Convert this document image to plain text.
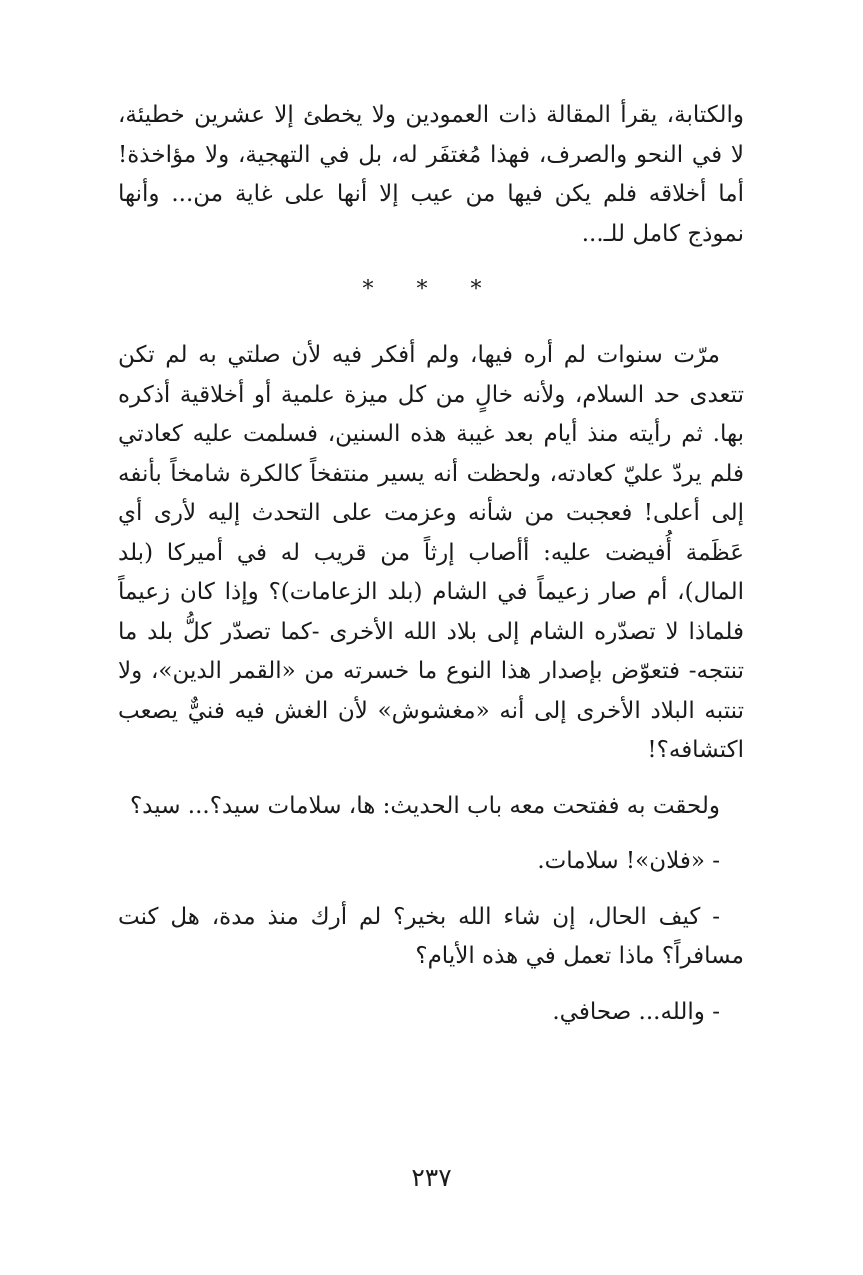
والكتابة، يقرأ المقالة ذات العمودين ولا يخطئ إلا عشرين خطيئة، لا في النحو والصرف، فهذا مُغتفَر له، بل في التهجية، ولا مؤاخذة! أما أخلاقه فلم يكن فيها من عيب إلا أنها على غاية من... وأنها نموذج كامل للـ...

* * *

مرّت سنوات لم أره فيها، ولم أفكر فيه لأن صلتي به لم تكن تتعدى حد السلام، ولأنه خالٍ من كل ميزة علمية أو أخلاقية أذكره بها. ثم رأيته منذ أيام بعد غيبة هذه السنين، فسلمت عليه كعادتي فلم يردّ عليّ كعادته، ولحظت أنه يسير منتفخاً كالكرة شامخاً بأنفه إلى أعلى! فعجبت من شأنه وعزمت على التحدث إليه لأرى أي عَظَمة أُفيضت عليه: أأصاب إرثاً من قريب له في أميركا (بلد المال)، أم صار زعيماً في الشام (بلد الزعامات)؟ وإذا كان زعيماً فلماذا لا تصدّره الشام إلى بلاد الله الأخرى -كما تصدّر كلُّ بلد ما تنتجه- فتعوّض بإصدار هذا النوع ما خسرته من «القمر الدين»، ولا تنتبه البلاد الأخرى إلى أنه «مغشوش» لأن الغش فيه فنيٌّ يصعب اكتشافه؟!

ولحقت به ففتحت معه باب الحديث: ها، سلامات سيد؟... سيد؟

- «فلان»! سلامات.

- كيف الحال، إن شاء الله بخير؟ لم أرك منذ مدة، هل كنت مسافراً؟ ماذا تعمل في هذه الأيام؟

- والله... صحافي.

٢٣٧
